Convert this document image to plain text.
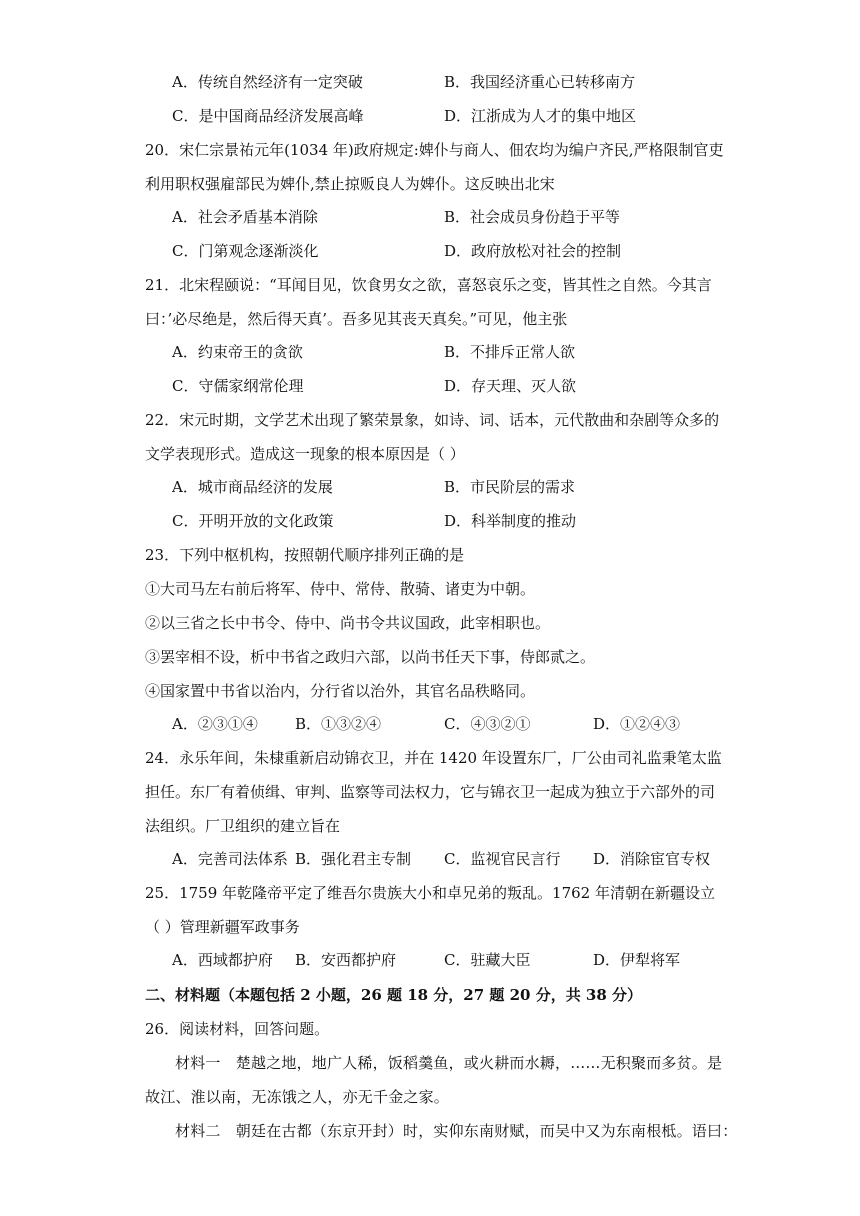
A．传统自然经济有一定突破	B．我国经济重心已转移南方
C．是中国商品经济发展高峰	D．江浙成为人才的集中地区
20．宋仁宗景祐元年(1034 年)政府规定:婢仆与商人、佃农均为编户齐民,严格限制官吏
利用职权强雇部民为婢仆,禁止掠贩良人为婢仆。这反映出北宋
A．社会矛盾基本消除	B．社会成员身份趋于平等
C．门第观念逐渐淡化	D．政府放松对社会的控制
21．北宋程颐说：“耳闻目见，饮食男女之欲，喜怒哀乐之变，皆其性之自然。今其言
曰：’必尽绝是，然后得天真’。吾多见其丧天真矣。”可见，他主张
A．约束帝王的贪欲	B．不排斥正常人欲
C．守儒家纲常伦理	D．存天理、灭人欲
22．宋元时期，文学艺术出现了繁荣景象，如诗、词、话本，元代散曲和杂剧等众多的
文学表现形式。造成这一现象的根本原因是（ ）
A．城市商品经济的发展	B．市民阶层的需求
C．开明开放的文化政策	D．科举制度的推动
23．下列中枢机构，按照朝代顺序排列正确的是
①大司马左右前后将军、侍中、常侍、散骑、诸吏为中朝。
②以三省之长中书令、侍中、尚书令共议国政，此宰相职也。
③罢宰相不设，析中书省之政归六部，以尚书任天下事，侍郎贰之。
④国家置中书省以治内，分行省以治外，其官名品秩略同。
A．②③①④ B．①③②④	C．④③②①	D．①②④③
24．永乐年间，朱棣重新启动锦衣卫，并在 1420 年设置东厂，厂公由司礼监秉笔太监
担任。东厂有着侦缉、审判、监察等司法权力，它与锦衣卫一起成为独立于六部外的司
法组织。厂卫组织的建立旨在
A．完善司法体系 B．强化君主专制 C．监视官民言行 D．消除宦官专权
25．1759 年乾隆帝平定了维吾尔贵族大小和卓兄弟的叛乱。1762 年清朝在新疆设立
（ ）管理新疆军政事务
A．西域都护府 B．安西都护府	C．驻藏大臣	D．伊犁将军
二、材料题（本题包括 2 小题，26 题 18 分，27 题 20 分，共 38 分）
26．阅读材料，回答问题。
材料一　楚越之地，地广人稀，饭稻羹鱼，或火耕而水耨，……无积聚而多贫。是
故江、淮以南，无冻饿之人，亦无千金之家。
材料二　朝廷在古都（东京开封）时，实仰东南财赋，而吴中又为东南根柢。语曰：
